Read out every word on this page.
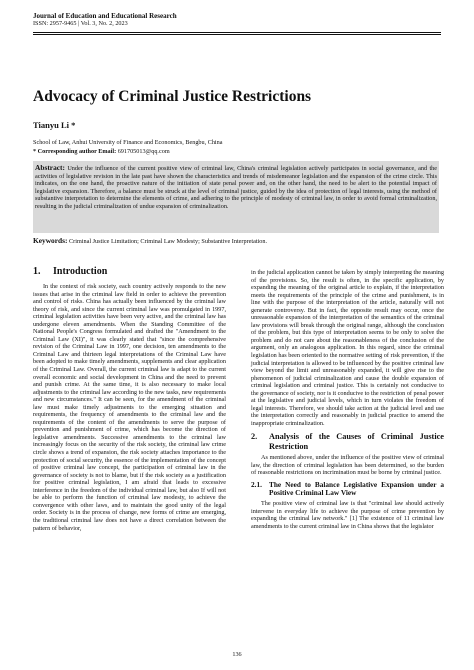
Journal of Education and Educational Research
ISSN: 2957-9465 | Vol. 3, No. 2, 2023
Advocacy of Criminal Justice Restrictions
Tianyu Li *
School of Law, Anhui University of Finance and Economics, Bengbu, China
* Corresponding author Email: 691705013@qq.com

Abstract: Under the influence of the current positive view of criminal law, China's criminal legislation actively participates in social governance, and the activities of legislative revision in the late past have shown the characteristics and trends of misdemeanor legislation and the expansion of the crime circle. This indicates, on the one hand, the proactive nature of the initiation of state penal power and, on the other hand, the need to be alert to the potential impact of legislative expansion. Therefore, a balance must be struck at the level of criminal justice, guided by the idea of protection of legal interests, using the method of substantive interpretation to determine the elements of crime, and adhering to the principle of modesty of criminal law, in order to avoid formal criminalization, resulting in the judicial criminalization of undue expansion of criminalization.

Keywords: Criminal Justice Limitation; Criminal Law Modesty; Substantive Interpretation.
1.	Introduction

In the context of risk society, each country actively responds to the new issues that arise in the criminal law field in order to achieve the prevention and control of risks. China has actually been influenced by the criminal law theory of risk, and since the current criminal law was promulgated in 1997, criminal legislation activities have been very active, and the criminal law has undergone eleven amendments. When the Standing Committee of the National People's Congress formulated and drafted the "Amendment to the Criminal Law (XI)", it was clearly stated that "since the comprehensive revision of the Criminal Law in 1997, one decision, ten amendments to the Criminal Law and thirteen legal interpretations of the Criminal Law have been adopted to make timely amendments, supplements and clear application of the Criminal Law. Overall, the current criminal law is adapt to the current overall economic and social development in China and the need to prevent and punish crime. At the same time, it is also necessary to make local adjustments to the criminal law according to the new tasks, new requirements and new circumstances." It can be seen, for the amendment of the criminal law must make timely adjustments to the emerging situation and requirements, the frequency of amendments to the criminal law and the requirements of the content of the amendments to serve the purpose of prevention and punishment of crime, which has become the direction of legislative amendments. Successive amendments to the criminal law increasingly focus on the security of the risk society, the criminal law crime circle shows a trend of expansion, the risk society attaches importance to the protection of social security, the essence of the implementation of the concept of positive criminal law concept, the participation of criminal law in the governance of society is not to blame, but if the risk society as a justification for positive criminal legislation, I am afraid that leads to excessive interference in the freedom of the individual criminal law, but also If will not be able to perform the function of criminal law modesty, to achieve the convergence with other laws, and to maintain the good unity of the legal order. Society is in the process of change, new forms of crime are emerging, the traditional criminal law does not have a direct correlation between the pattern of behavior,

in the judicial application cannot be taken by simply interpreting the meaning of the provisions. So, the result is often, in the specific application, by expanding the meaning of the original article to explain, if the interpretation meets the requirements of the principle of the crime and punishment, is in line with the purpose of the interpretation of the article, naturally will not generate controversy. But in fact, the opposite result may occur, once the unreasonable expansion of the interpretation of the semantics of the criminal law provisions will break through the original range, although the conclusion of the problem, but this type of interpretation seems to be only to solve the problem and do not care about the reasonableness of the conclusion of the argument, only an analogous application. In this regard, since the criminal legislation has been oriented to the normative setting of risk prevention, if the judicial interpretation is allowed to be influenced by the positive criminal law view beyond the limit and unreasonably expanded, it will give rise to the phenomenon of judicial criminalization and cause the double expansion of criminal legislation and criminal justice. This is certainly not conducive to the governance of society, nor is it conducive to the restriction of penal power at the legislative and judicial levels, which in turn violates the freedom of legal interests. Therefore, we should take action at the judicial level and use the interpretation correctly and reasonably in judicial practice to amend the inappropriate criminalization.

2.	Analysis of the Causes of Criminal Justice Restriction

As mentioned above, under the influence of the positive view of criminal law, the direction of criminal legislation has been determined, so the burden of reasonable restrictions on incrimination must be borne by criminal justice.

2.1. The Need to Balance Legislative Expansion under a Positive Criminal Law View

The positive view of criminal law is that "criminal law should actively intervene in everyday life to achieve the purpose of crime prevention by expanding the criminal law network." [1] The existence of 11 criminal law amendments to the current criminal law in China shows that the legislator

136
